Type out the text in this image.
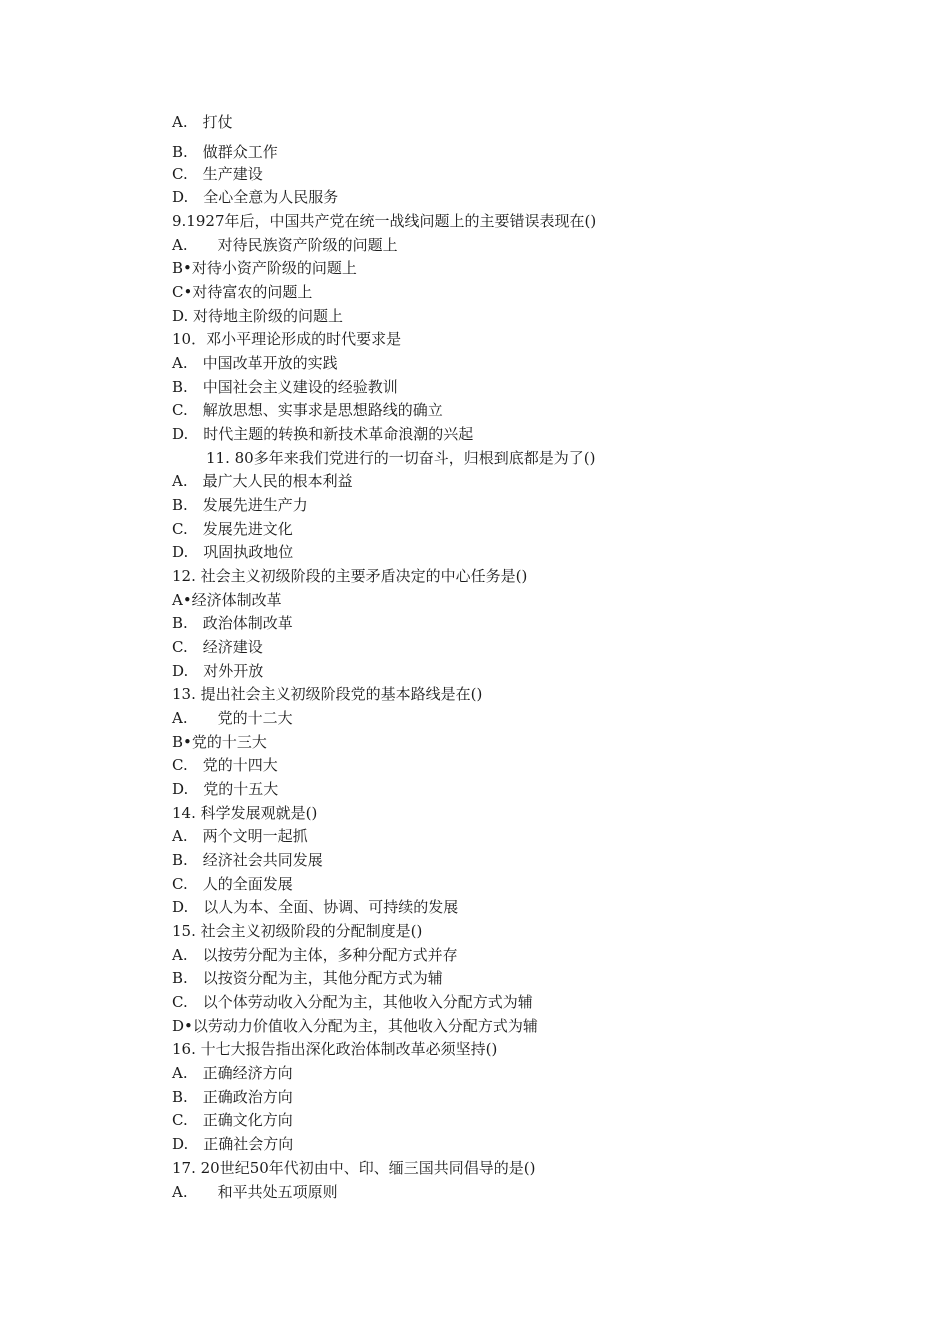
A.　打仗
B.　做群众工作
C.　生产建设
D.　全心全意为人民服务
9.1927年后，中国共产党在统一战线问题上的主要错误表现在()
A.　　对待民族资产阶级的问题上
B•对待小资产阶级的问题上
C•对待富农的问题上
D. 对待地主阶级的问题上
10．邓小平理论形成的时代要求是
A.　中国改革开放的实践
B.　中国社会主义建设的经验教训
C.　解放思想、实事求是思想路线的确立
D.　时代主题的转换和新技术革命浪潮的兴起
11. 80多年来我们党进行的一切奋斗，归根到底都是为了()
A.　最广大人民的根本利益
B.　发展先进生产力
C.　发展先进文化
D.　巩固执政地位
12. 社会主义初级阶段的主要矛盾决定的中心任务是()
A•经济体制改革
B.　政治体制改革
C.　经济建设
D.　对外开放
13. 提出社会主义初级阶段党的基本路线是在()
A.　　党的十二大
B•党的十三大
C.　党的十四大
D.　党的十五大
14. 科学发展观就是()
A.　两个文明一起抓
B.　经济社会共同发展
C.　人的全面发展
D.　以人为本、全面、协调、可持续的发展
15. 社会主义初级阶段的分配制度是()
A.　以按劳分配为主体，多种分配方式并存
B.　以按资分配为主，其他分配方式为辅
C.　以个体劳动收入分配为主，其他收入分配方式为辅
D•以劳动力价值收入分配为主，其他收入分配方式为辅
16. 十七大报告指出深化政治体制改革必须坚持()
A.　正确经济方向
B.　正确政治方向
C.　正确文化方向
D.　正确社会方向
17. 20世纪50年代初由中、印、缅三国共同倡导的是()
A.　　和平共处五项原则
